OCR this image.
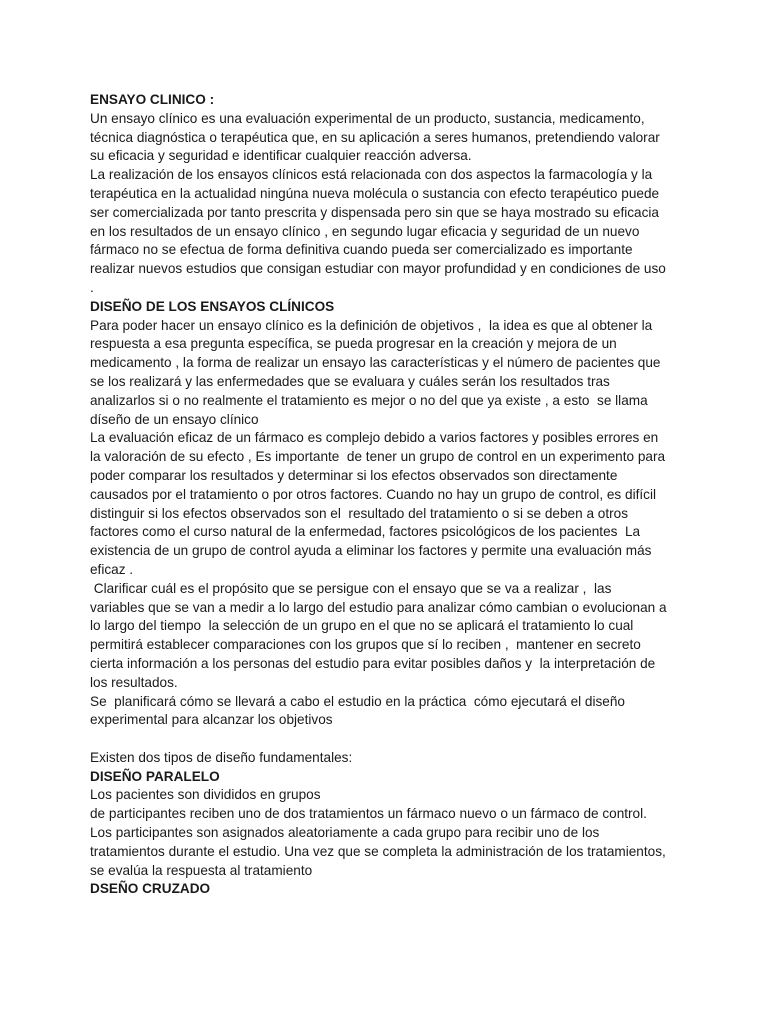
ENSAYO CLINICO :
Un ensayo clínico es una evaluación experimental de un producto, sustancia, medicamento,
técnica diagnóstica o terapéutica que, en su aplicación a seres humanos, pretendiendo valorar
su eficacia y seguridad e identificar cualquier reacción adversa.
La realización de los ensayos clínicos está relacionada con dos aspectos la farmacología y la
terapéutica en la actualidad ningúna nueva molécula o sustancia con efecto terapéutico puede
ser comercializada por tanto prescrita y dispensada pero sin que se haya mostrado su eficacia
en los resultados de un ensayo clínico , en segundo lugar eficacia y seguridad de un nuevo
fármaco no se efectua de forma definitiva cuando pueda ser comercializado es importante
realizar nuevos estudios que consigan estudiar con mayor profundidad y en condiciones de uso
.
DISEÑO DE LOS ENSAYOS CLÍNICOS
Para poder hacer un ensayo clínico es la definición de objetivos ,  la idea es que al obtener la
respuesta a esa pregunta específica, se pueda progresar en la creación y mejora de un
medicamento , la forma de realizar un ensayo las características y el número de pacientes que
se los realizará y las enfermedades que se evaluara y cuáles serán los resultados tras
analizarlos si o no realmente el tratamiento es mejor o no del que ya existe , a esto  se llama
díseño de un ensayo clínico
La evaluación eficaz de un fármaco es complejo debido a varios factores y posibles errores en
la valoración de su efecto , Es importante  de tener un grupo de control en un experimento para
poder comparar los resultados y determinar si los efectos observados son directamente
causados por el tratamiento o por otros factores. Cuando no hay un grupo de control, es difícil
distinguir si los efectos observados son el  resultado del tratamiento o si se deben a otros
factores como el curso natural de la enfermedad, factores psicológicos de los pacientes  La
existencia de un grupo de control ayuda a eliminar los factores y permite una evaluación más
eficaz .
Clarificar cuál es el propósito que se persigue con el ensayo que se va a realizar ,  las
variables que se van a medir a lo largo del estudio para analizar cómo cambian o evolucionan a
lo largo del tiempo  la selección de un grupo en el que no se aplicará el tratamiento lo cual
permitirá establecer comparaciones con los grupos que sí lo reciben ,  mantener en secreto
cierta información a los personas del estudio para evitar posibles daños y  la interpretación de
los resultados.
Se  planificará cómo se llevará a cabo el estudio en la práctica  cómo ejecutará el diseño
experimental para alcanzar los objetivos
Existen dos tipos de diseño fundamentales:
DISEÑO PARALELO
Los pacientes son divididos en grupos
de participantes reciben uno de dos tratamientos un fármaco nuevo o un fármaco de control.
Los participantes son asignados aleatoriamente a cada grupo para recibir uno de los
tratamientos durante el estudio. Una vez que se completa la administración de los tratamientos,
se evalúa la respuesta al tratamiento
DSEÑO CRUZADO
